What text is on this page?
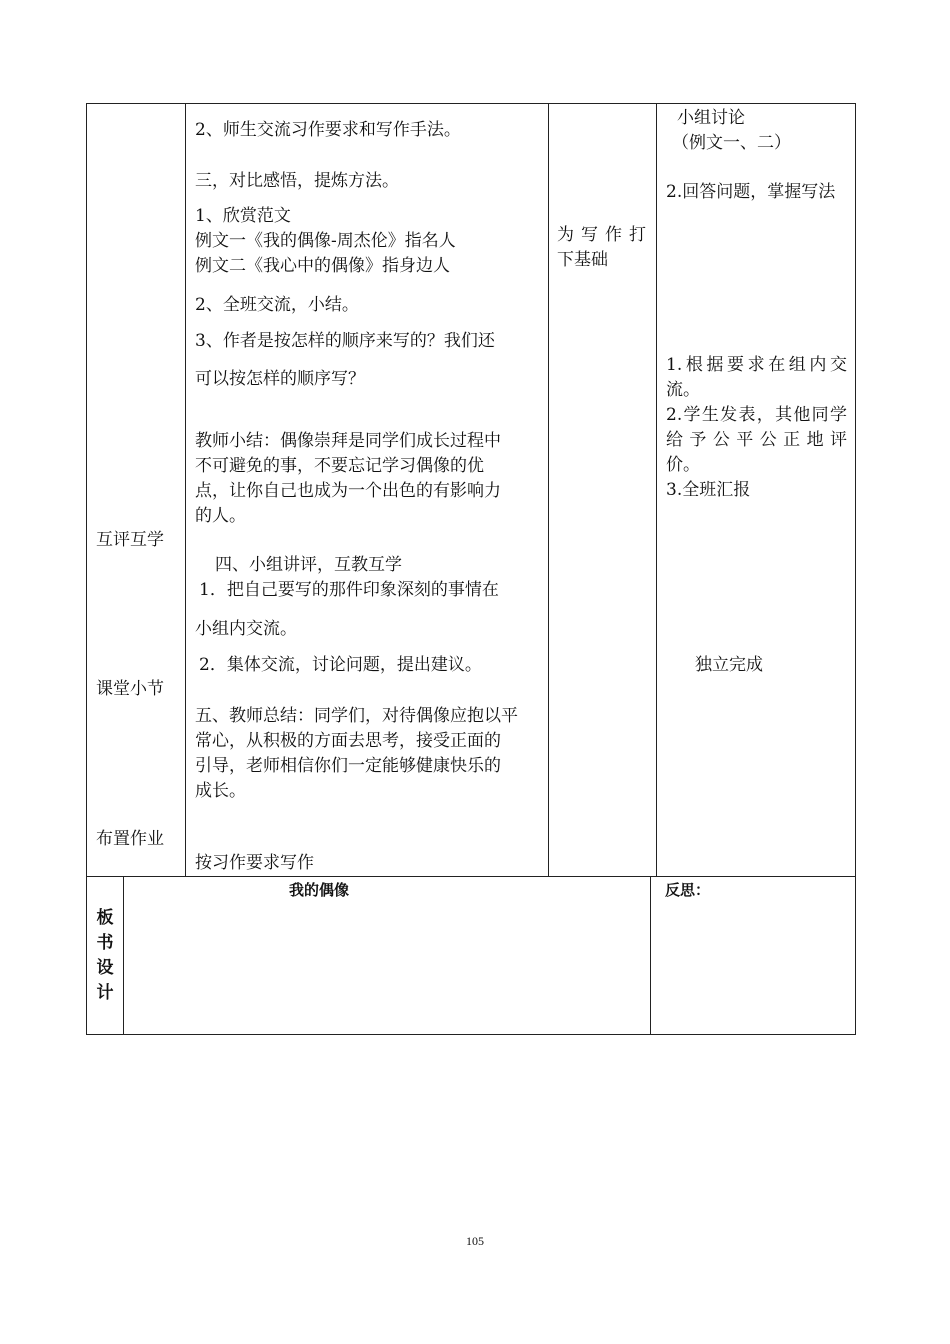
互评互学
课堂小节
布置作业
2、师生交流习作要求和写作手法。
三，对比感悟，提炼方法。
1、欣赏范文
例文一《我的偶像-周杰伦》指名人
例文二《我心中的偶像》指身边人
2、全班交流，小结。
3、作者是按怎样的顺序来写的？我们还
可以按怎样的顺序写？
教师小结：偶像崇拜是同学们成长过程中
不可避免的事，不要忘记学习偶像的优
点，让你自己也成为一个出色的有影响力
的人。
四、小组讲评，互教互学
1．把自己要写的那件印象深刻的事情在
小组内交流。
2．集体交流，讨论问题，提出建议。
五、教师总结：同学们，对待偶像应抱以平
常心，从积极的方面去思考，接受正面的
引导，老师相信你们一定能够健康快乐的
成长。
按习作要求写作
为写作打
下基础
小组讨论
（例文一、二）
2.回答问题，掌握写法
1.根据要求在组内交
流。
2.学生发表，其他同学
给予公平公正地评
价。
3.全班汇报
独立完成
板
书
设
计
我的偶像	反思：
105
